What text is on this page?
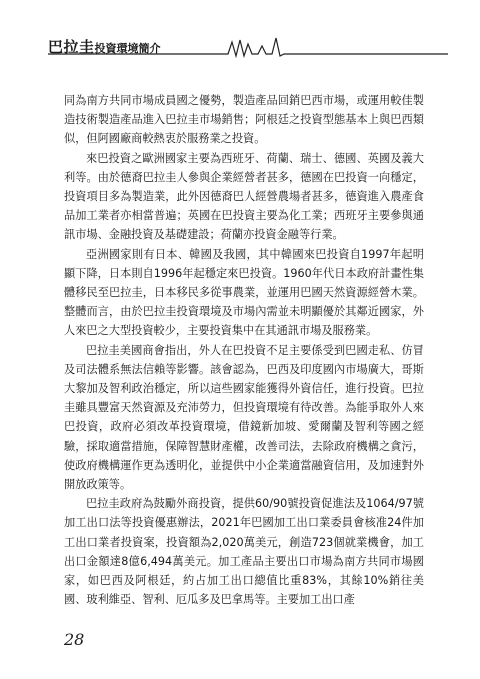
巴拉圭投資環境簡介

同為南方共同市場成員國之優勢，製造產品回銷巴西市場，或運用較佳製造技術製造產品進入巴拉圭市場銷售；阿根廷之投資型態基本上與巴西類似，但阿國廠商較熱衷於服務業之投資。

來巴投資之歐洲國家主要為西班牙、荷蘭、瑞士、德國、英國及義大利等。由於德裔巴拉圭人參與企業經營者甚多，德國在巴投資一向穩定，投資項目多為製造業，此外因德裔巴人經營農場者甚多，德資進入農產食品加工業者亦相當普遍；英國在巴投資主要為化工業；西班牙主要參與通訊市場、金融投資及基礎建設；荷蘭亦投資金融等行業。

亞洲國家則有日本、韓國及我國，其中韓國來巴投資自1997年起明顯下降，日本則自1996年起穩定來巴投資。1960年代日本政府計畫性集體移民至巴拉圭，日本移民多從事農業，並運用巴國天然資源經營木業。整體而言，由於巴拉圭投資環境及市場內需並未明顯優於其鄰近國家，外人來巴之大型投資較少，主要投資集中在其通訊市場及服務業。

巴拉圭美國商會指出，外人在巴投資不足主要係受到巴國走私、仿冒及司法體系無法信賴等影響。該會認為，巴西及印度國內市場廣大，哥斯大黎加及智利政治穩定，所以這些國家能獲得外資信任，進行投資。巴拉圭雖具豐富天然資源及充沛勞力，但投資環境有待改善。為能爭取外人來巴投資，政府必須改革投資環境，借鏡新加坡、愛爾蘭及智利等國之經驗，採取適當措施，保障智慧財產權，改善司法，去除政府機構之貪污，使政府機構運作更為透明化，並提供中小企業適當融資信用，及加速對外開放政策等。

巴拉圭政府為鼓勵外商投資，提供60/90號投資促進法及1064/97號加工出口法等投資優惠辦法，2021年巴國加工出口業委員會核准24件加工出口業者投資案，投資額為2,020萬美元，創造723個就業機會，加工出口金額達8億6,494萬美元。加工產品主要出口市場為南方共同市場國家，如巴西及阿根廷，約占加工出口總值比重83%，其餘10%銷往美國、玻利維亞、智利、厄瓜多及巴拿馬等。主要加工出口產

28
